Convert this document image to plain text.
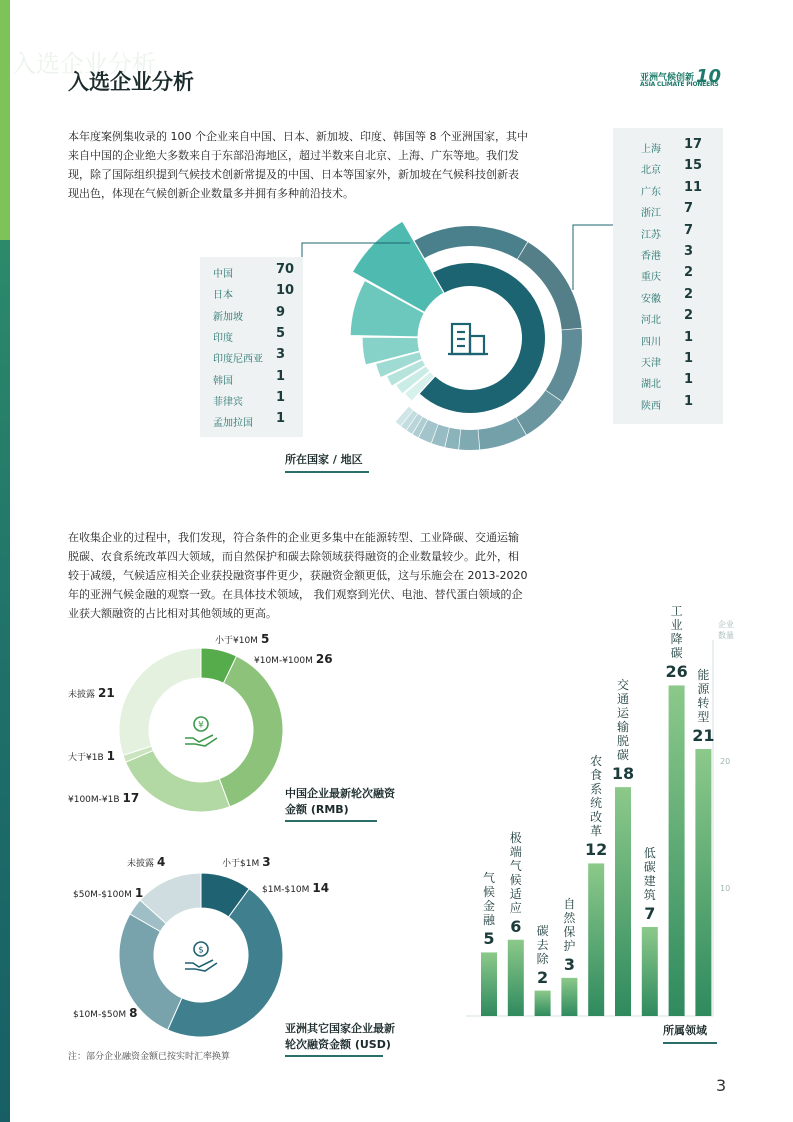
入选企业分析
入选企业分析	亚洲气候创新
ASIA CLIMATE PIONEERS
10

本年度案例集收录的 100 个企业来自中国、日本、新加坡、印度、韩国等 8 个亚洲国家，其中来自中国的企业绝大多数来自于东部沿海地区，超过半数来自北京、上海、广东等地。我们发现，除了国际组织提到气候技术创新常提及的中国、日本等国家外，新加坡在气候科技创新表现出色，体现在气候创新企业数量多并拥有多种前沿技术。

中国	70
日本	10
新加坡	9
印度	5
印度尼西亚 3
韩国	1
菲律宾	1
孟加拉国 1
上海 17
北京 15
广东 11
浙江 7
江苏 7
香港 3
重庆 2
安徽 2
河北 2
四川 1
天津 1
湖北 1
陕西 1
所在国家 / 地区

在收集企业的过程中，我们发现，符合条件的企业更多集中在能源转型、工业降碳、交通运输脱碳、农食系统改革四大领域，而自然保护和碳去除领域获得融资的企业数量较少。此外，相较于减缓，气候适应相关企业获投融资事件更少，获融资金额更低，这与乐施会在 2013-2020 年的亚洲气候金融的观察一致。在具体技术领域， 我们观察到光伏、电池、替代蛋白领域的企业获大额融资的占比相对其他领域的更高。

¥
$
小于¥10M 5
¥10M-¥100M 26
未披露 21
大于¥1B 1
¥100M-¥1B 17	中国企业最新轮次融资金额 (RMB)
未披露 4	小于$1M 3
$1M-$10M 14
$50M-$100M 1
$10M-$50M 8
亚洲其它国家企业最新轮次融资金额 (USD)
注：部分企业融资金额已按实时汇率换算
10
20
5
气候金融 6
极端气候适应
2
碳去除 3
自然保护
12
农食系统改革
18
交通运输脱碳
7
低碳建筑
26
工业降碳
21
能源转型
企业数量
所属领域
3
